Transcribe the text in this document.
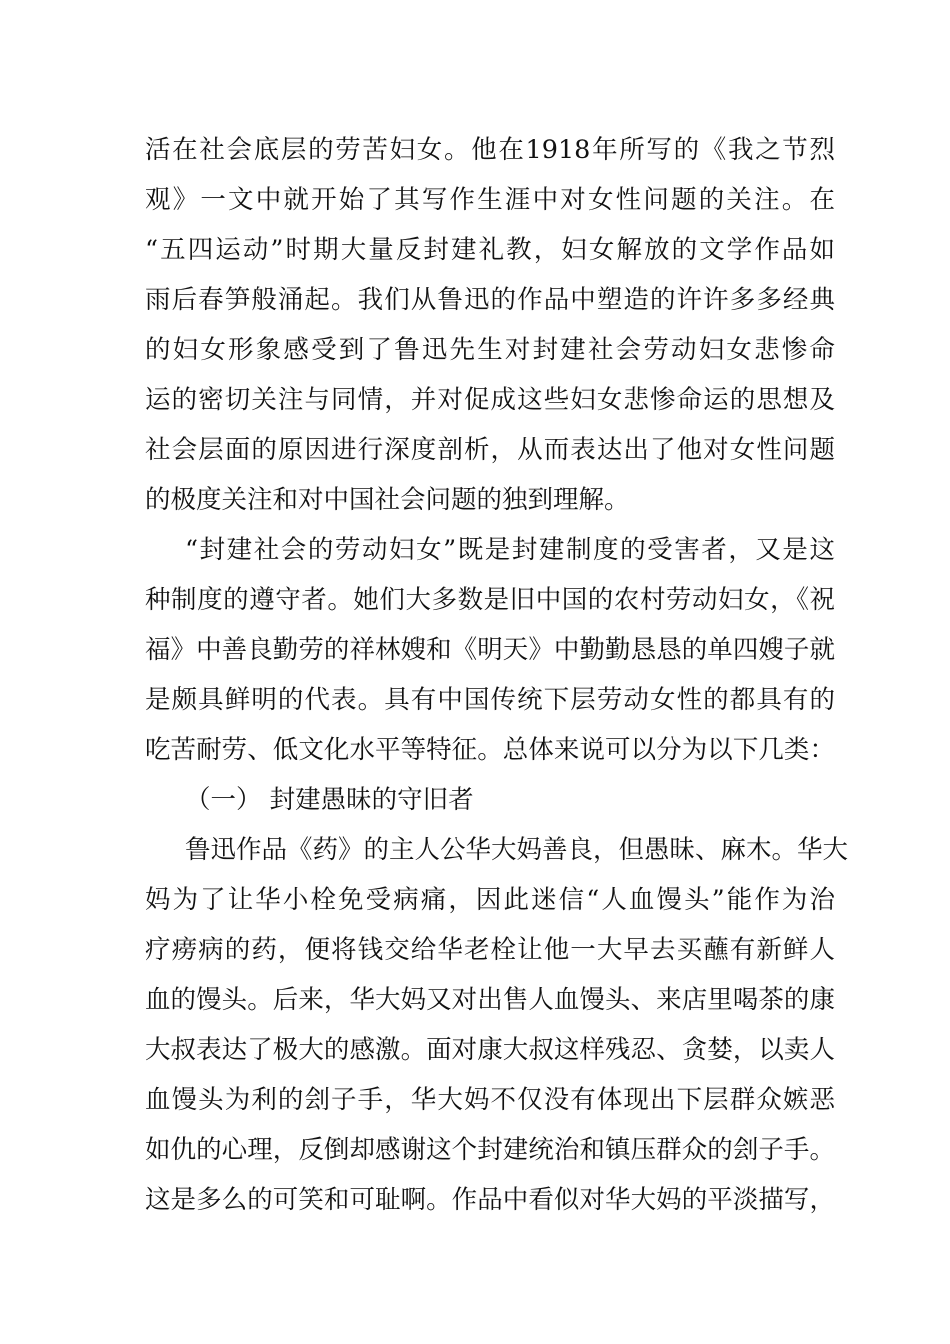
活在社会底层的劳苦妇女。他在1918年所写的《我之节烈
观》一文中就开始了其写作生涯中对女性问题的关注。在
“五四运动”时期大量反封建礼教，妇女解放的文学作品如
雨后春笋般涌起。我们从鲁迅的作品中塑造的许许多多经典
的妇女形象感受到了鲁迅先生对封建社会劳动妇女悲惨命
运的密切关注与同情，并对促成这些妇女悲惨命运的思想及
社会层面的原因进行深度剖析，从而表达出了他对女性问题
的极度关注和对中国社会问题的独到理解。
“封建社会的劳动妇女”既是封建制度的受害者，又是这
种制度的遵守者。她们大多数是旧中国的农村劳动妇女，《祝
福》中善良勤劳的祥林嫂和《明天》中勤勤恳恳的单四嫂子就
是颇具鲜明的代表。具有中国传统下层劳动女性的都具有的
吃苦耐劳、低文化水平等特征。总体来说可以分为以下几类：
（一） 封建愚昧的守旧者
鲁迅作品《药》的主人公华大妈善良，但愚昧、麻木。华大
妈为了让华小栓免受病痛，因此迷信“人血馒头”能作为治
疗痨病的药，便将钱交给华老栓让他一大早去买蘸有新鲜人
血的馒头。后来，华大妈又对出售人血馒头、来店里喝茶的康
大叔表达了极大的感激。面对康大叔这样残忍、贪婪，以卖人
血馒头为利的刽子手，华大妈不仅没有体现出下层群众嫉恶
如仇的心理，反倒却感谢这个封建统治和镇压群众的刽子手。
这是多么的可笑和可耻啊。作品中看似对华大妈的平淡描写，
